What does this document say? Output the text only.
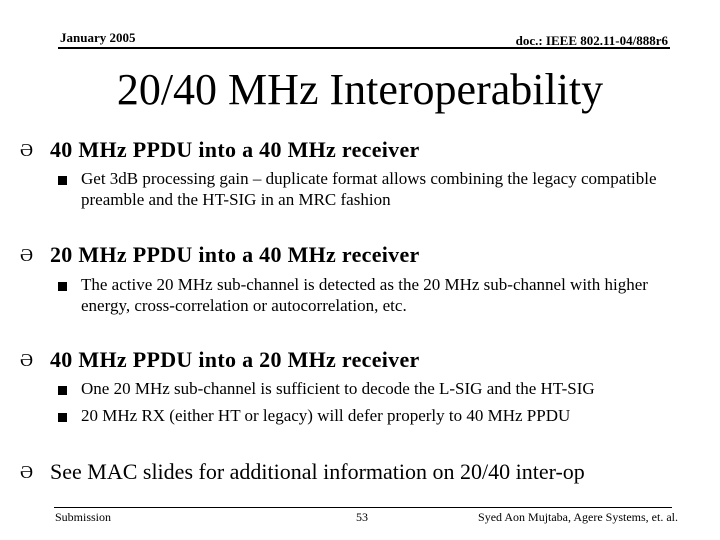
January 2005	doc.: IEEE 802.11-04/888r6
20/40 MHz Interoperability
Ə 40 MHz PPDU into a 40 MHz receiver
Get 3dB processing gain – duplicate format allows combining the legacy compatible preamble and the HT-SIG in an MRC fashion
Ə 20 MHz PPDU into a 40 MHz receiver
The active 20 MHz sub-channel is detected as the 20 MHz sub-channel with higher energy, cross-correlation or autocorrelation, etc.
Ə 40 MHz PPDU into a 20 MHz receiver
One 20 MHz sub-channel is sufficient to decode the L-SIG and the HT-SIG
20 MHz RX (either HT or legacy) will defer properly to 40 MHz PPDU
Ə See MAC slides for additional information on 20/40 inter-op
Submission	53	Syed Aon Mujtaba, Agere Systems, et. al.
